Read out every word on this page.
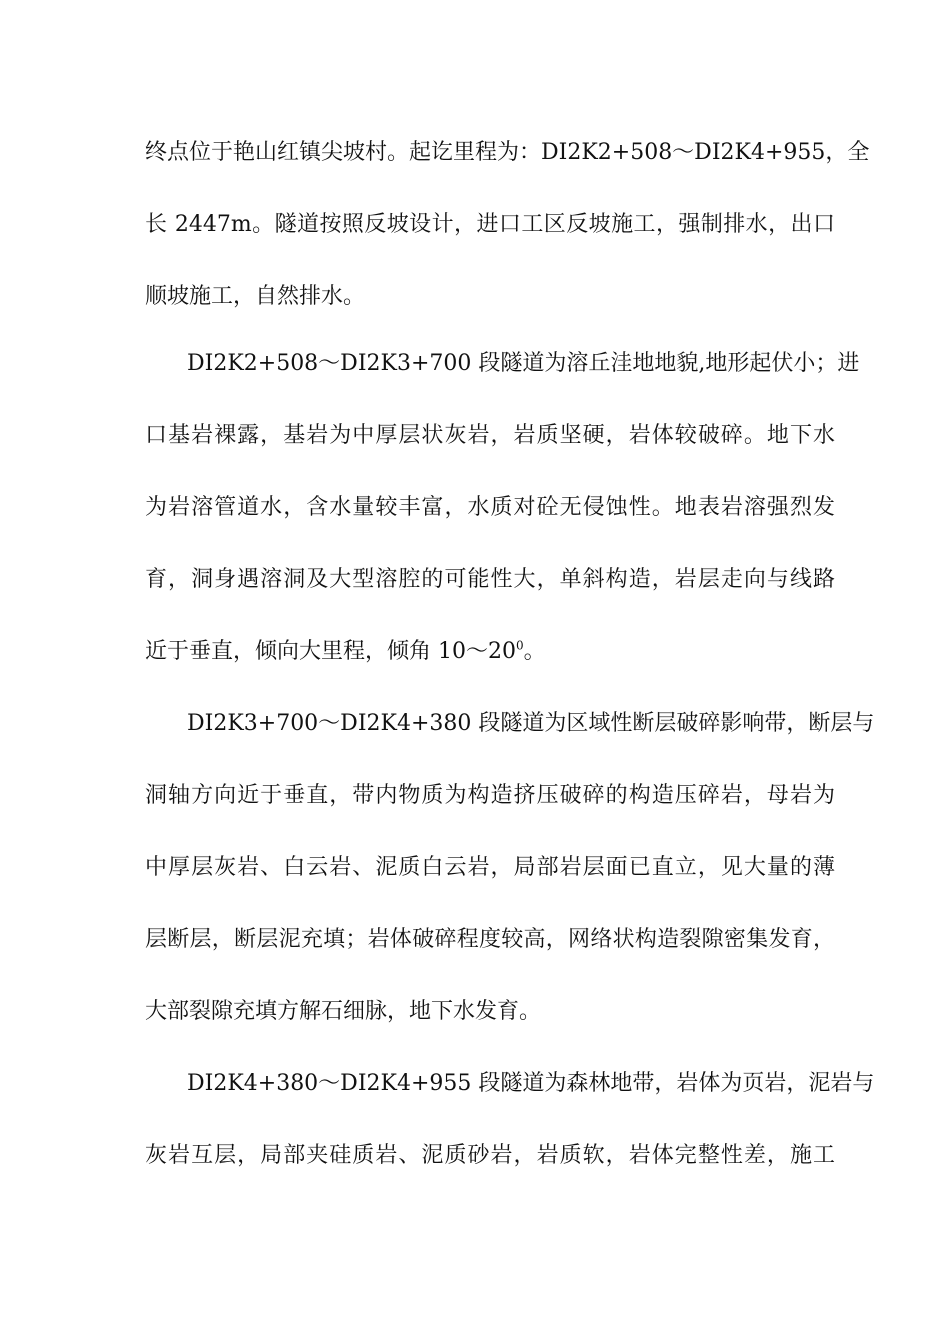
终点位于艳山红镇尖坡村。起讫里程为：DI2K2+508～DI2K4+955，全
长 2447m。隧道按照反坡设计，进口工区反坡施工，强制排水，出口
顺坡施工，自然排水。
DI2K2+508～DI2K3+700 段隧道为溶丘洼地地貌,地形起伏小；进
口基岩裸露，基岩为中厚层状灰岩，岩质坚硬，岩体较破碎。地下水
为岩溶管道水，含水量较丰富，水质对砼无侵蚀性。地表岩溶强烈发
育，洞身遇溶洞及大型溶腔的可能性大，单斜构造，岩层走向与线路
近于垂直，倾向大里程，倾角 $10\sim 20^0$。
DI2K3+700～DI2K4+380 段隧道为区域性断层破碎影响带，断层与
洞轴方向近于垂直，带内物质为构造挤压破碎的构造压碎岩，母岩为
中厚层灰岩、白云岩、泥质白云岩，局部岩层面已直立，见大量的薄
层断层，断层泥充填；岩体破碎程度较高，网络状构造裂隙密集发育，
大部裂隙充填方解石细脉，地下水发育。
DI2K4+380～DI2K4+955 段隧道为森林地带，岩体为页岩，泥岩与
灰岩互层，局部夹硅质岩、泥质砂岩，岩质软，岩体完整性差，施工
